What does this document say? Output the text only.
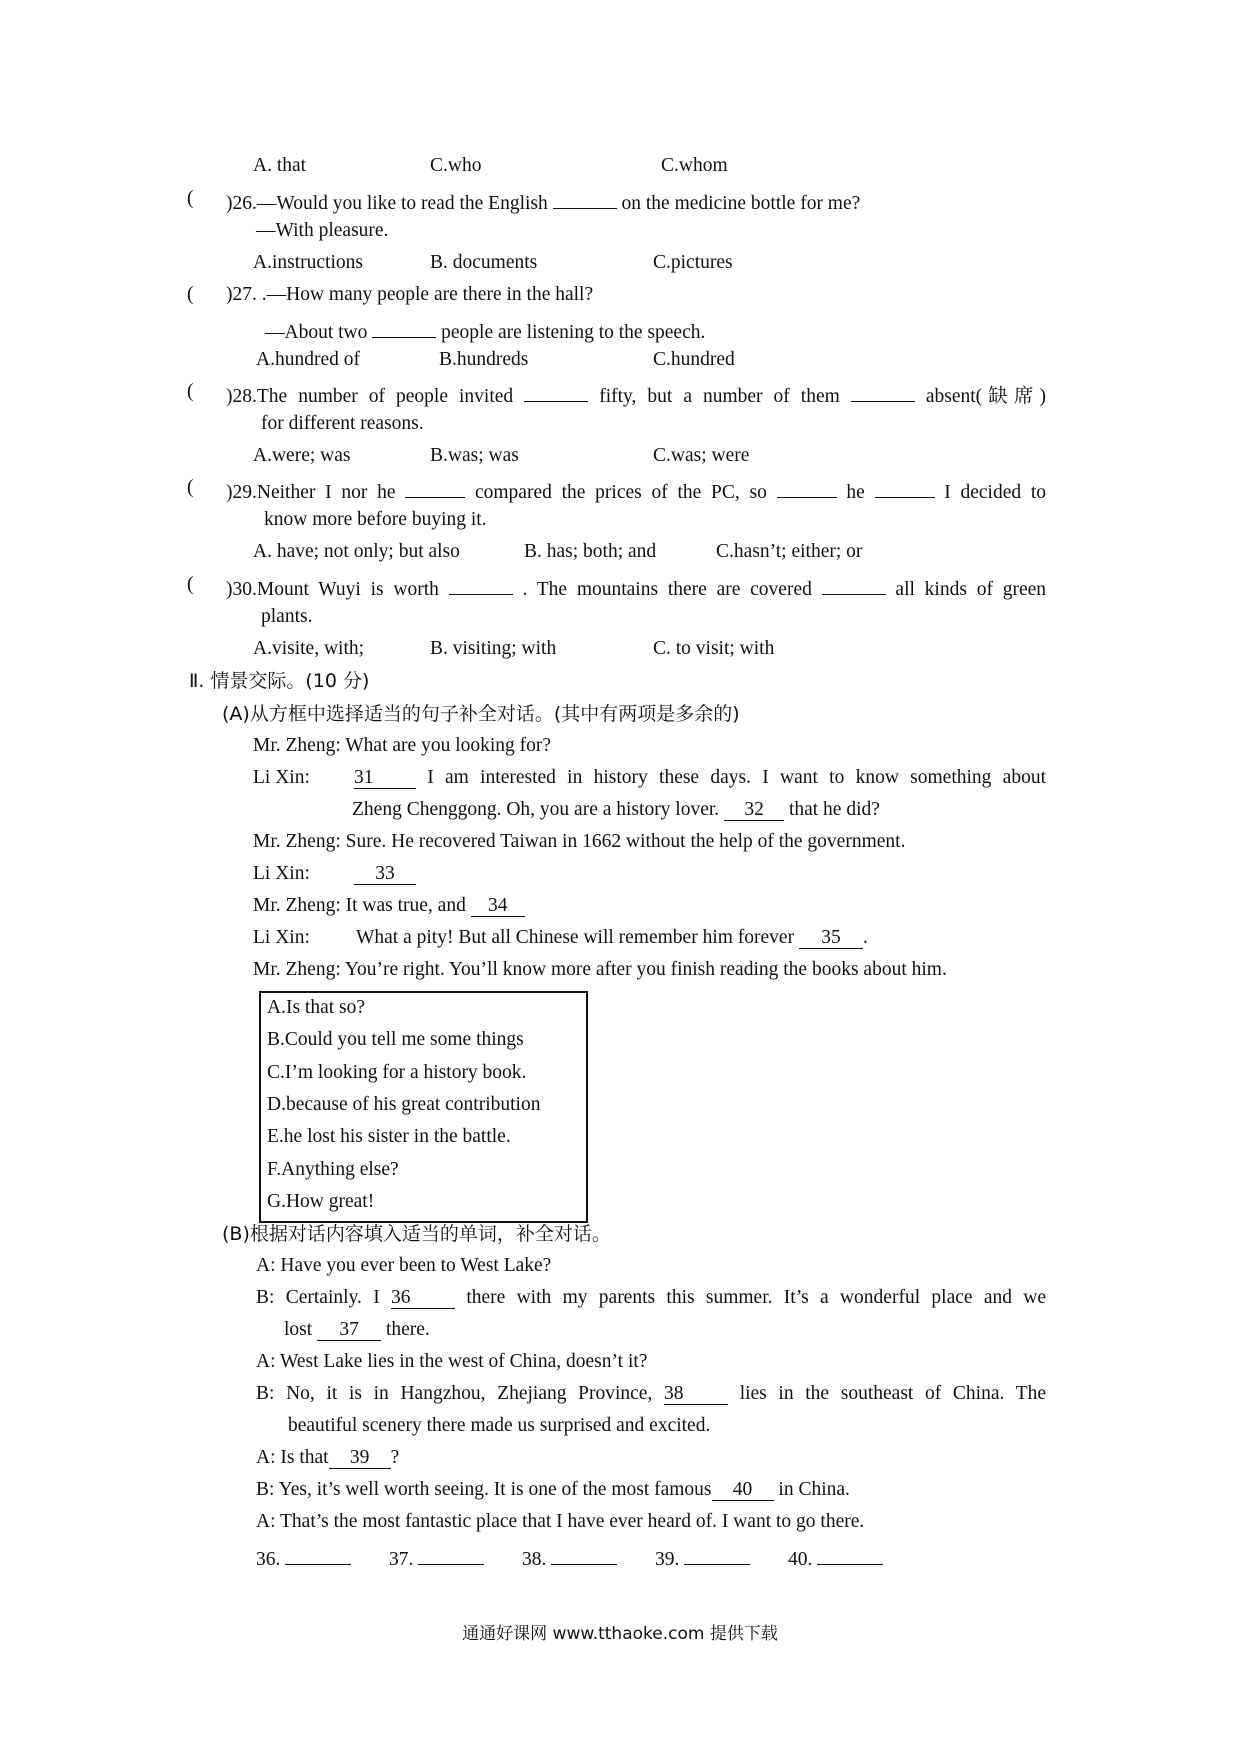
A. that	C.who	C.whom
( )26.—Would you like to read the English	on the medicine bottle for me?
—With pleasure.
A.instructions	B. documents	C.pictures
( )27. .—How many people are there in the hall?
—About two	people are listening to the speech.
A.hundred of	B.hundreds	C.hundred
( )28.The number of people invited	fifty, but a number of them	absent(缺席)
for different reasons.
A.were; was	B.was; was	C.was; were
( )29.Neither I nor he	compared the prices of the PC, so	he	I decided to
know more before buying it.
A. have; not only; but also	B. has; both; and	C.hasn’t; either; or
( )30.Mount Wuyi is worth	. The mountains there are covered	all kinds of green
plants.
A.visite, with;	B. visiting; with	C. to visit; with
Ⅱ. 情景交际。(10 分)
(A)从方框中选择适当的句子补全对话。(其中有两项是多余的)
Mr. Zheng: What are you looking for?
Li Xin: 31	I am interested in history these days. I want to know something about
Zheng Chenggong. Oh, you are a history lover. 32 that he did?
Mr. Zheng: Sure. He recovered Taiwan in 1662 without the help of the government.
Li Xin:	33
Mr. Zheng: It was true, and 34
Li Xin: What a pity! But all Chinese will remember him forever 35 .
Mr. Zheng: You’re right. You’ll know more after you finish reading the books about him.
A.Is that so?
B.Could you tell me some things
C.I’m looking for a history book.
D.because of his great contribution
E.he lost his sister in the battle.
F.Anything else?
G.How great!
(B)根据对话内容填入适当的单词，补全对话。
A: Have you ever been to West Lake?
B: Certainly. I 36	there with my parents this summer. It’s a wonderful place and we
lost 37 there.
A: West Lake lies in the west of China, doesn’t it?
B: No, it is in Hangzhou, Zhejiang Province, 38	lies in the southeast of China. The
beautiful scenery there made us surprised and excited.
A: Is that 39 ?
B: Yes, it’s well worth seeing. It is one of the most famous 40 in China.
A: That’s the most fantastic place that I have ever heard of. I want to go there.
36.	37.	38.	39.	40.
通通好课网 www.tthaoke.com 提供下载
